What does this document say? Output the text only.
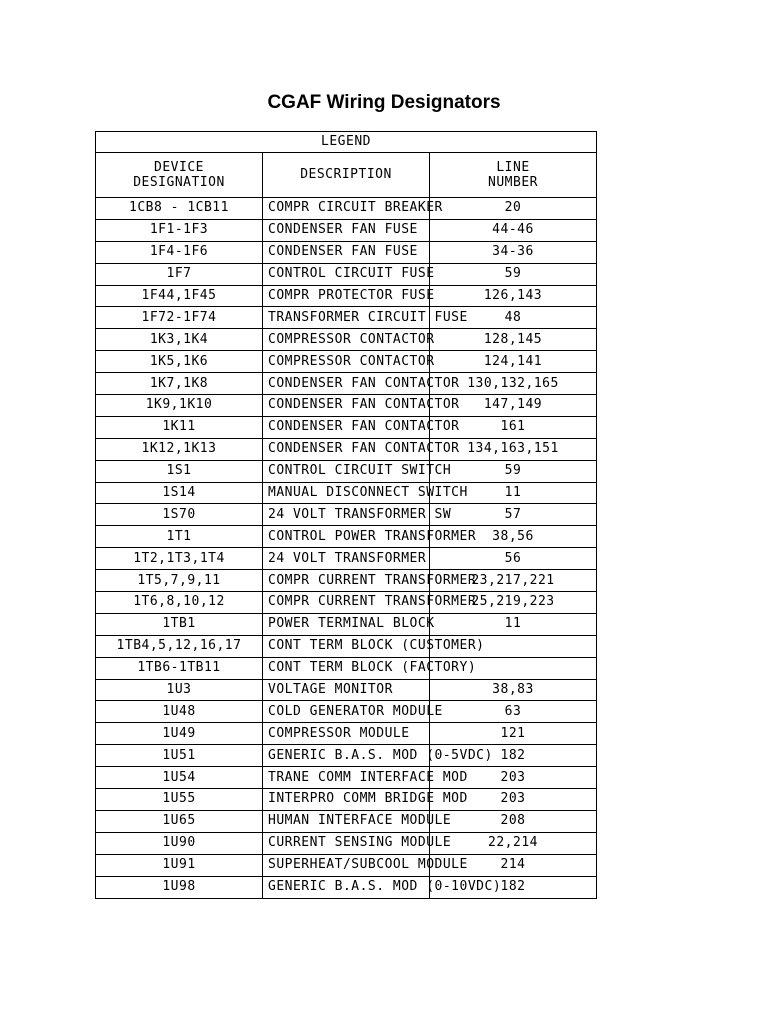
CGAF Wiring Designators
LEGEND		

DEVICE
DESIGNATION	DESCRIPTION	LINE
NUMBER

1CB8 - 1CB11	COMPR CIRCUIT BREAKER	20
1F1-1F3	CONDENSER FAN FUSE	44-46
1F4-1F6	CONDENSER FAN FUSE	34-36
1F7	CONTROL CIRCUIT FUSE	59
1F44,1F45	COMPR PROTECTOR FUSE	126,143
1F72-1F74	TRANSFORMER CIRCUIT FUSE	48
1K3,1K4	COMPRESSOR CONTACTOR	128,145
1K5,1K6	COMPRESSOR CONTACTOR	124,141
1K7,1K8	CONDENSER FAN CONTACTOR	130,132,165
1K9,1K10	CONDENSER FAN CONTACTOR	147,149
1K11	CONDENSER FAN CONTACTOR	161
1K12,1K13	CONDENSER FAN CONTACTOR	134,163,151
1S1	CONTROL CIRCUIT SWITCH	59
1S14	MANUAL DISCONNECT SWITCH	11
1S70	24 VOLT TRANSFORMER SW	57
1T1	CONTROL POWER TRANSFORMER	38,56
1T2,1T3,1T4	24 VOLT TRANSFORMER	56
1T5,7,9,11	COMPR CURRENT TRANSFORMER	23,217,221
1T6,8,10,12	COMPR CURRENT TRANSFORMER	25,219,223
1TB1	POWER TERMINAL BLOCK	11
1TB4,5,12,16,17	CONT TERM BLOCK (CUSTOMER)	
1TB6-1TB11	CONT TERM BLOCK (FACTORY)	
1U3	VOLTAGE MONITOR	38,83
1U48	COLD GENERATOR MODULE	63
1U49	COMPRESSOR MODULE	121
1U51	GENERIC B.A.S. MOD (0-5VDC)	182
1U54	TRANE COMM INTERFACE MOD	203
1U55	INTERPRO COMM BRIDGE MOD	203
1U65	HUMAN INTERFACE MODULE	208
1U90	CURRENT SENSING MODULE	22,214
1U91	SUPERHEAT/SUBCOOL MODULE	214
1U98	GENERIC B.A.S. MOD (0-10VDC)	182
